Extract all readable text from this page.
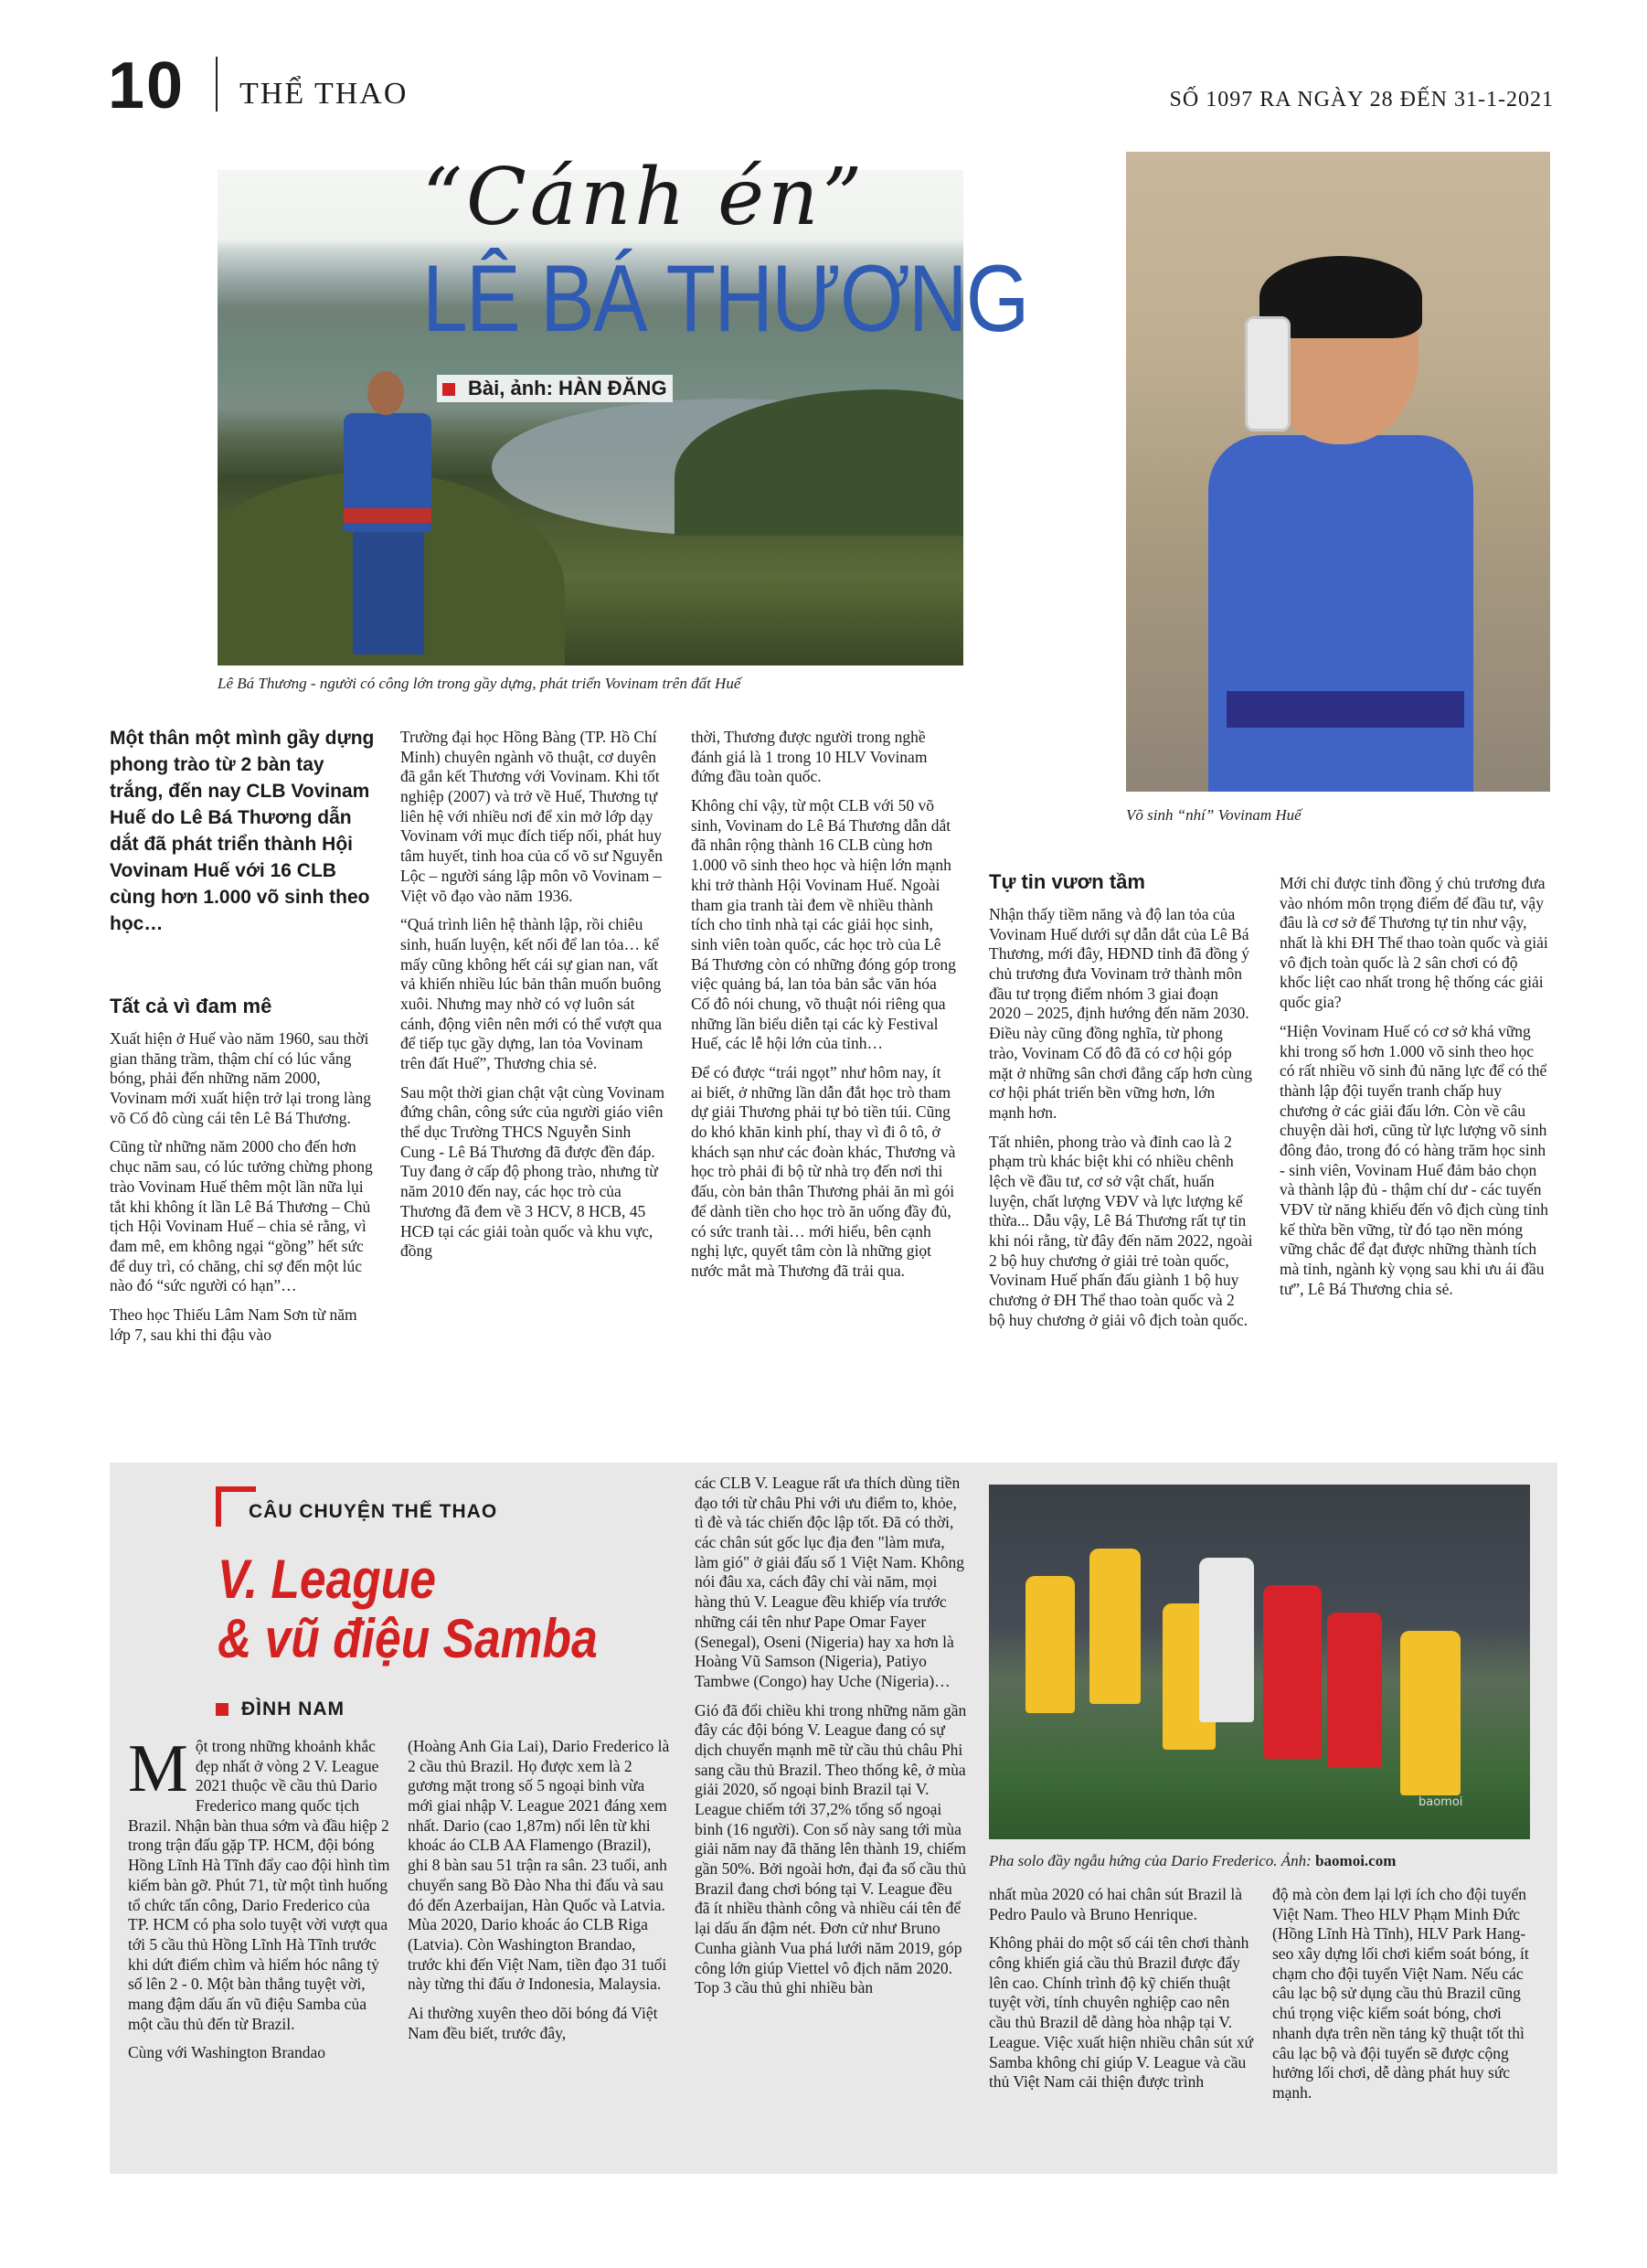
10 THỂ THAO	SỐ 1097 RA NGÀY 28 ĐẾN 31-1-2021
“Cánh én”
LÊ BÁ THƯƠNG
Bài, ảnh: HÀN ĐĂNG
Lê Bá Thương - người có công lớn trong gầy dựng, phát triển Vovinam trên đất Huế
Võ sinh “nhí” Vovinam Huế
Một thân một mình gầy dựng phong trào từ 2 bàn tay trắng, đến nay CLB Vovinam Huế do Lê Bá Thương dẫn dắt đã phát triển thành Hội Vovinam Huế với 16 CLB cùng hơn 1.000 võ sinh theo học…
Tất cả vì đam mê

Xuất hiện ở Huế vào năm 1960, sau thời gian thăng trầm, thậm chí có lúc vắng bóng, phải đến những năm 2000, Vovinam mới xuất hiện trở lại trong làng võ Cố đô cùng cái tên Lê Bá Thương.

Cũng từ những năm 2000 cho đến hơn chục năm sau, có lúc tưởng chừng phong trào Vovinam Huế thêm một lần nữa lụi tắt khi không ít lần Lê Bá Thương – Chủ tịch Hội Vovinam Huế – chia sẻ rằng, vì đam mê, em không ngại “gồng” hết sức để duy trì, có chăng, chỉ sợ đến một lúc nào đó “sức người có hạn”…

Theo học Thiếu Lâm Nam Sơn từ năm lớp 7, sau khi thi đậu vào

Trường đại học Hồng Bàng (TP. Hồ Chí Minh) chuyên ngành võ thuật, cơ duyên đã gắn kết Thương với Vovinam. Khi tốt nghiệp (2007) và trở về Huế, Thương tự liên hệ với nhiều nơi để xin mở lớp dạy Vovinam với mục đích tiếp nối, phát huy tâm huyết, tinh hoa của cố võ sư Nguyễn Lộc – người sáng lập môn võ Vovinam – Việt võ đạo vào năm 1936.

“Quá trình liên hệ thành lập, rồi chiêu sinh, huấn luyện, kết nối để lan tỏa… kể mấy cũng không hết cái sự gian nan, vất vả khiến nhiều lúc bản thân muốn buông xuôi. Nhưng may nhờ có vợ luôn sát cánh, động viên nên mới có thể vượt qua để tiếp tục gầy dựng, lan tỏa Vovinam trên đất Huế”, Thương chia sẻ.

Sau một thời gian chật vật cùng Vovinam đứng chân, công sức của người giáo viên thể dục Trường THCS Nguyễn Sinh Cung - Lê Bá Thương đã được đền đáp. Tuy đang ở cấp độ phong trào, nhưng từ năm 2010 đến nay, các học trò của Thương đã đem về 3 HCV, 8 HCB, 45 HCĐ tại các giải toàn quốc và khu vực, đồng

thời, Thương được người trong nghề đánh giá là 1 trong 10 HLV Vovinam đứng đầu toàn quốc.

Không chỉ vậy, từ một CLB với 50 võ sinh, Vovinam do Lê Bá Thương dẫn dắt đã nhân rộng thành 16 CLB cùng hơn 1.000 võ sinh theo học và hiện lớn mạnh khi trở thành Hội Vovinam Huế. Ngoài tham gia tranh tài đem về nhiều thành tích cho tỉnh nhà tại các giải học sinh, sinh viên toàn quốc, các học trò của Lê Bá Thương còn có những đóng góp trong việc quảng bá, lan tỏa bản sắc văn hóa Cố đô nói chung, võ thuật nói riêng qua những lần biểu diễn tại các kỳ Festival Huế, các lễ hội lớn của tỉnh…

Để có được “trái ngọt” như hôm nay, ít ai biết, ở những lần dẫn đắt học trò tham dự giải Thương phải tự bỏ tiền túi. Cũng do khó khăn kinh phí, thay vì đi ô tô, ở khách sạn như các đoàn khác, Thương và học trò phải đi bộ từ nhà trọ đến nơi thi đấu, còn bản thân Thương phải ăn mì gói để dành tiền cho học trò ăn uống đầy đủ, có sức tranh tài… mới hiểu, bên cạnh nghị lực, quyết tâm còn là những giọt nước mắt mà Thương đã trải qua.

Tự tin vươn tầm

Nhận thấy tiềm năng và độ lan tỏa của Vovinam Huế dưới sự dẫn dắt của Lê Bá Thương, mới đây, HĐND tỉnh đã đồng ý chủ trương đưa Vovinam trở thành môn đầu tư trọng điểm nhóm 3 giai đoạn 2020 – 2025, định hướng đến năm 2030. Điều này cũng đồng nghĩa, từ phong trào, Vovinam Cố đô đã có cơ hội góp mặt ở những sân chơi đẳng cấp hơn cùng cơ hội phát triển bền vững hơn, lớn mạnh hơn.

Tất nhiên, phong trào và đỉnh cao là 2 phạm trù khác biệt khi có nhiều chênh lệch về đầu tư, cơ sở vật chất, huấn luyện, chất lượng VĐV và lực lượng kế thừa... Dẫu vậy, Lê Bá Thương rất tự tin khi nói rằng, từ đây đến năm 2022, ngoài 2 bộ huy chương ở giải trẻ toàn quốc, Vovinam Huế phấn đấu giành 1 bộ huy chương ở ĐH Thể thao toàn quốc và 2 bộ huy chương ở giải vô địch toàn quốc.

Mới chỉ được tỉnh đồng ý chủ trương đưa vào nhóm môn trọng điểm để đầu tư, vậy đâu là cơ sở để Thương tự tin như vậy, nhất là khi ĐH Thể thao toàn quốc và giải vô địch toàn quốc là 2 sân chơi có độ khốc liệt cao nhất trong hệ thống các giải quốc gia?

“Hiện Vovinam Huế có cơ sở khá vững khi trong số hơn 1.000 võ sinh theo học có rất nhiều võ sinh đủ năng lực để có thể thành lập đội tuyển tranh chấp huy chương ở các giải đấu lớn. Còn về câu chuyện dài hơi, cũng từ lực lượng võ sinh đông đảo, trong đó có hàng trăm học sinh - sinh viên, Vovinam Huế đảm bảo chọn và thành lập đủ - thậm chí dư - các tuyến VĐV từ năng khiếu đến vô địch cùng tỉnh kế thừa bền vững, từ đó tạo nền móng vững chắc để đạt được những thành tích mà tỉnh, ngành kỳ vọng sau khi ưu ái đầu tư”, Lê Bá Thương chia sẻ.

CÂU CHUYỆN THỂ THAO
V. League
& vũ điệu Samba
ĐÌNH NAM

Một trong những khoảnh khắc đẹp nhất ở vòng 2 V. League 2021 thuộc về cầu thủ Dario Frederico mang quốc tịch Brazil. Nhận bàn thua sớm và đầu hiệp 2 trong trận đấu gặp TP. HCM, đội bóng Hồng Lĩnh Hà Tĩnh đẩy cao đội hình tìm kiếm bàn gỡ. Phút 71, từ một tình huống tổ chức tấn công, Dario Frederico của TP. HCM có pha solo tuyệt vời vượt qua tới 5 cầu thủ Hồng Lĩnh Hà Tĩnh trước khi dứt điểm chìm và hiểm hóc nâng tỷ số lên 2 - 0. Một bàn thắng tuyệt vời, mang đậm dấu ấn vũ điệu Samba của một cầu thủ đến từ Brazil.

Cùng với Washington Brandao

(Hoàng Anh Gia Lai), Dario Frederico là 2 cầu thủ Brazil. Họ được xem là 2 gương mặt trong số 5 ngoại binh vừa mới giai nhập V. League 2021 đáng xem nhất. Dario (cao 1,87m) nổi lên từ khi khoác áo CLB AA Flamengo (Brazil), ghi 8 bàn sau 51 trận ra sân. 23 tuổi, anh chuyển sang Bồ Đào Nha thi đấu và sau đó đến Azerbaijan, Hàn Quốc và Latvia. Mùa 2020, Dario khoác áo CLB Riga (Latvia). Còn Washington Brandao, trước khi đến Việt Nam, tiền đạo 31 tuổi này từng thi đấu ở Indonesia, Malaysia.

Ai thường xuyên theo dõi bóng đá Việt Nam đều biết, trước đây,

các CLB V. League rất ưa thích dùng tiền đạo tới từ châu Phi với ưu điểm to, khỏe, tì đè và tác chiến độc lập tốt. Đã có thời, các chân sút gốc lục địa đen "làm mưa, làm gió" ở giải đấu số 1 Việt Nam. Không nói đâu xa, cách đây chỉ vài năm, mọi hàng thủ V. League đều khiếp vía trước những cái tên như Pape Omar Fayer (Senegal), Oseni (Nigeria) hay xa hơn là Hoàng Vũ Samson (Nigeria), Patiyo Tambwe (Congo) hay Uche (Nigeria)…

Gió đã đổi chiều khi trong những năm gần đây các đội bóng V. League đang có sự dịch chuyển mạnh mẽ từ cầu thủ châu Phi sang cầu thủ Brazil. Theo thống kê, ở mùa giải 2020, số ngoại binh Brazil tại V. League chiếm tới 37,2% tổng số ngoại binh (16 người). Con số này sang tới mùa giải năm nay đã thăng lên thành 19, chiếm gần 50%. Bởi ngoài hơn, đại đa số cầu thủ Brazil đang chơi bóng tại V. League đều đã ít nhiều thành công và nhiều cái tên để lại dấu ấn đậm nét. Đơn cử như Bruno Cunha giành Vua phá lưới năm 2019, góp công lớn giúp Viettel vô địch năm 2020. Top 3 cầu thủ ghi nhiều bàn

baomoi
Pha solo đầy ngẫu hứng của Dario Frederico. Ảnh: baomoi.com

nhất mùa 2020 có hai chân sút Brazil là Pedro Paulo và Bruno Henrique.

Không phải do một số cái tên chơi thành công khiến giá cầu thủ Brazil được đẩy lên cao. Chính trình độ kỹ chiến thuật tuyệt vời, tính chuyên nghiệp cao nên cầu thủ Brazil dễ dàng hòa nhập tại V. League. Việc xuất hiện nhiều chân sút xứ Samba không chỉ giúp V. League và cầu thủ Việt Nam cải thiện được trình

độ mà còn đem lại lợi ích cho đội tuyển Việt Nam. Theo HLV Phạm Minh Đức (Hồng Lĩnh Hà Tĩnh), HLV Park Hang-seo xây dựng lối chơi kiểm soát bóng, ít chạm cho đội tuyển Việt Nam. Nếu các câu lạc bộ sử dụng cầu thủ Brazil cũng chú trọng việc kiểm soát bóng, chơi nhanh dựa trên nền tảng kỹ thuật tốt thì câu lạc bộ và đội tuyển sẽ được cộng hưởng lối chơi, dễ dàng phát huy sức mạnh.
